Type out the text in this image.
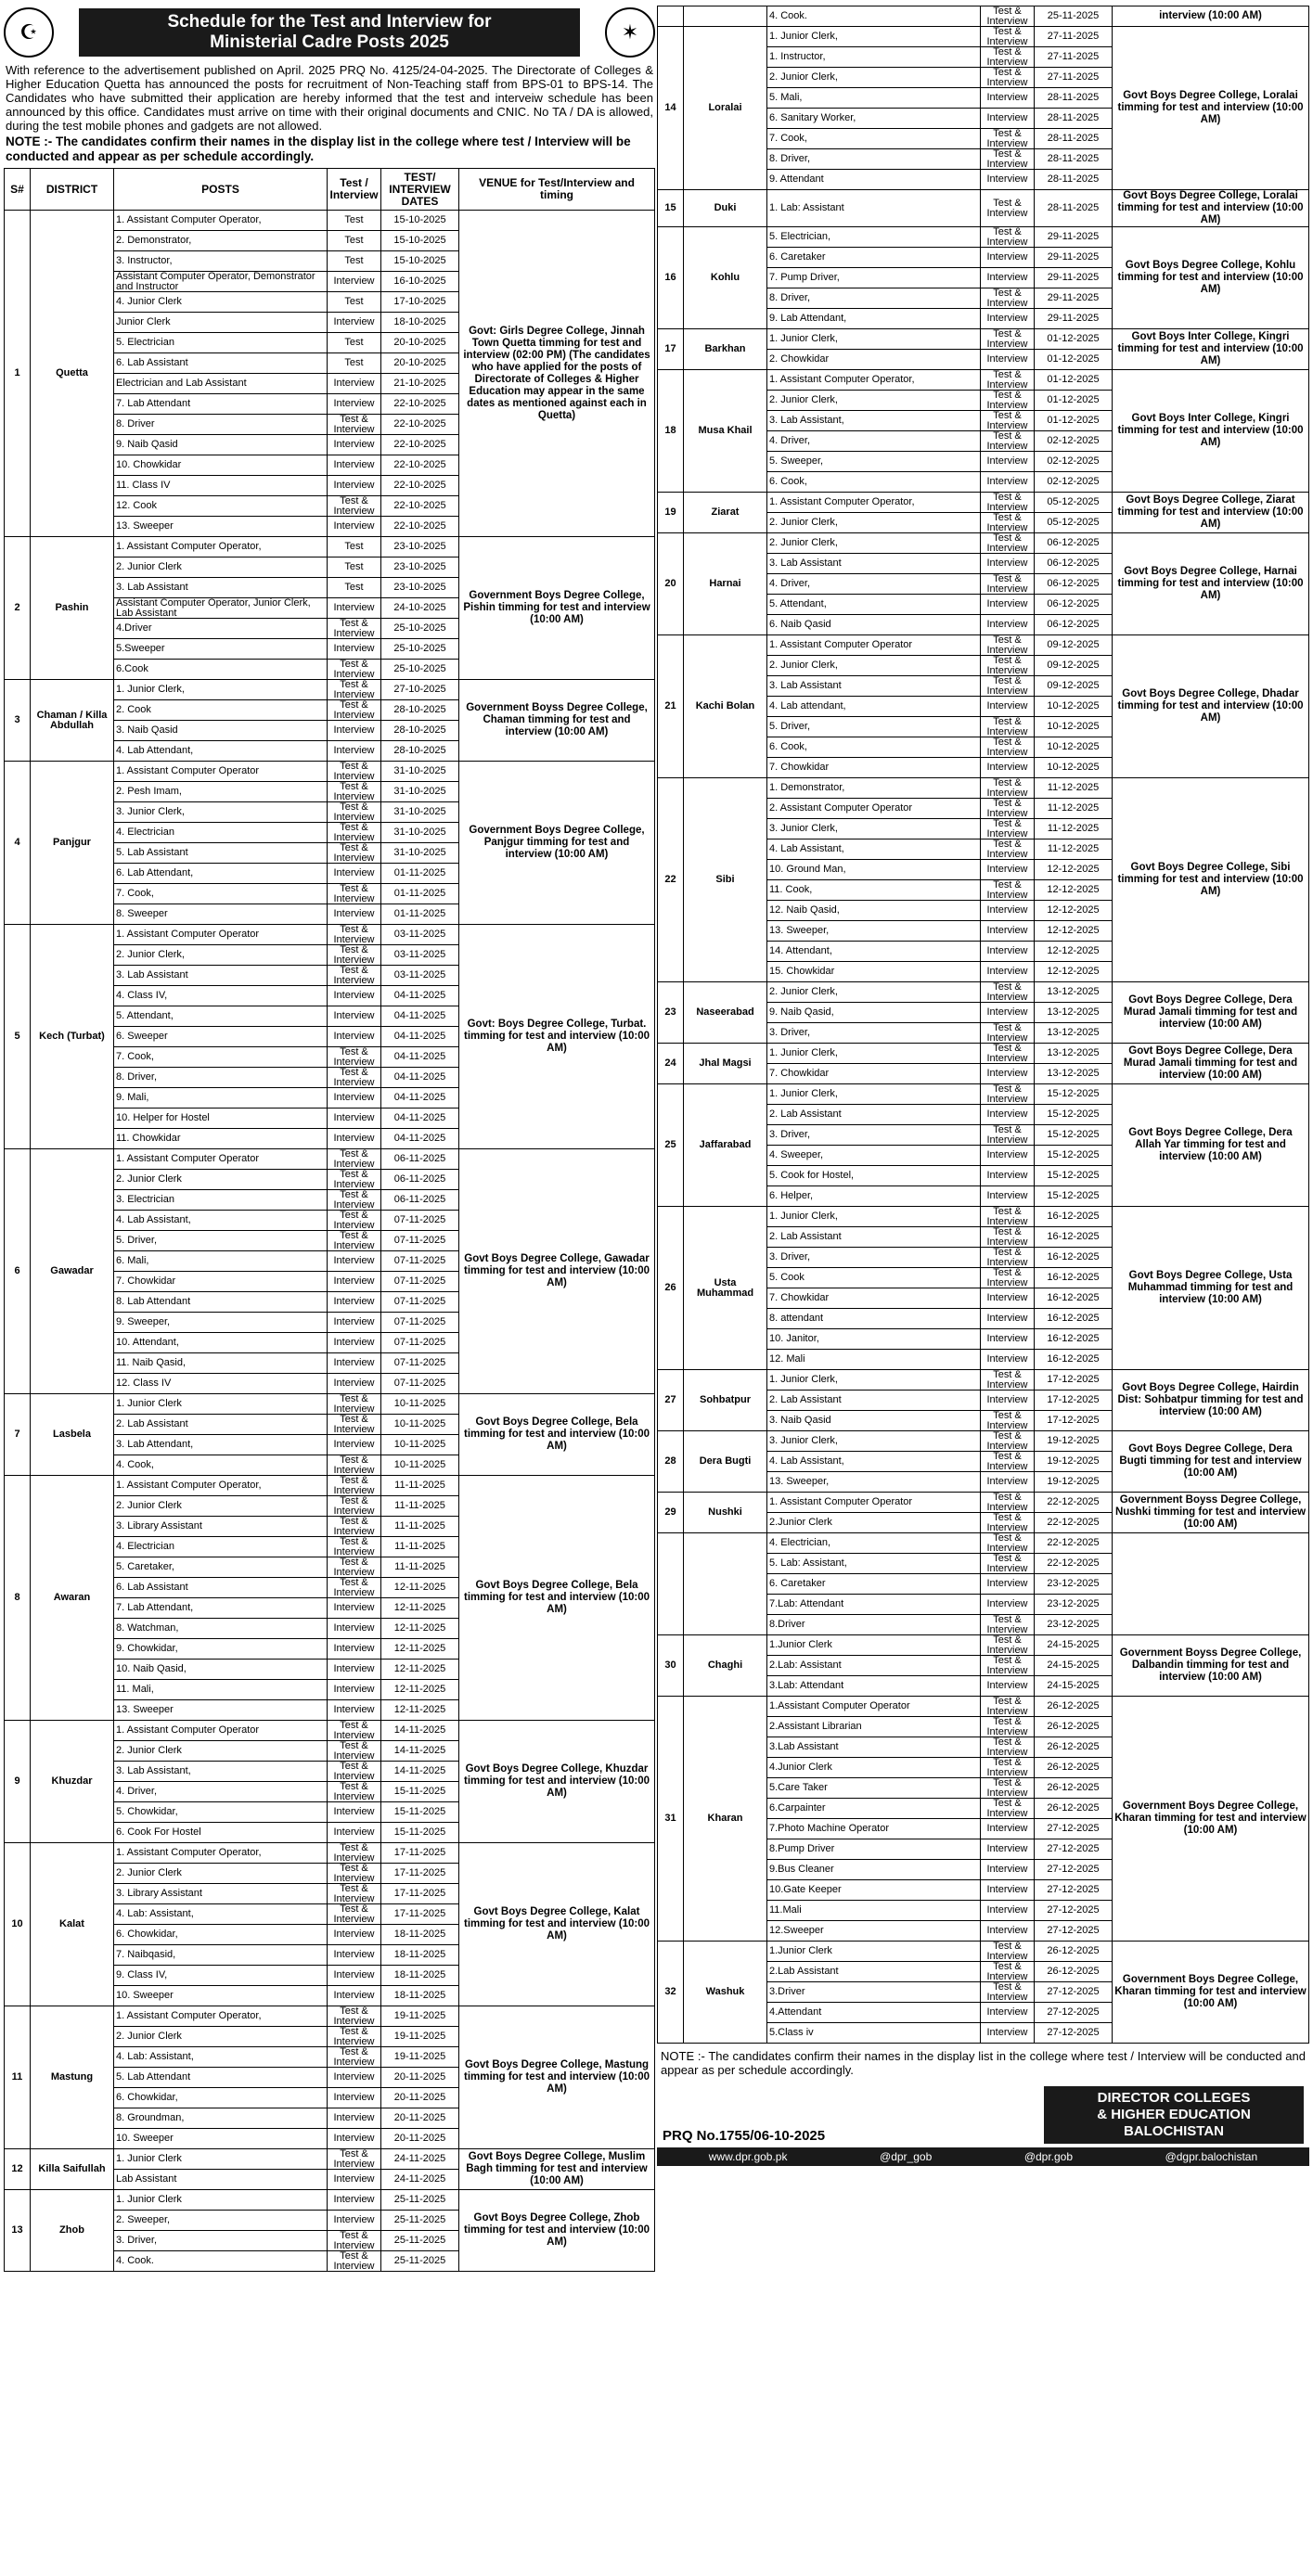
☪	Schedule for the Test and Interview for
Ministerial Cadre Posts 2025	✶
With reference to the advertisement published on April. 2025 PRQ No. 4125/24-04-2025. The Directorate of Colleges & Higher Education Quetta has announced the posts for recruitment of Non-Teaching staff from BPS-01 to BPS-14. The Candidates who have submitted their application are hereby informed that the test and interveiw schedule has been announced by this office. Candidates must arrive on time with their original documents and CNIC. No TA / DA is allowed, during the test mobile phones and gadgets are not allowed.
NOTE :- The candidates confirm their names in the display list in the college where test / Interview will be conducted and appear as per schedule accordingly.
S#	DISTRICT	POSTS	Test / Interview	TEST/ INTERVIEW DATES	VENUE for Test/Interview and timing
1	Quetta	1. Assistant Computer Operator,	Test	15-10-2025	Govt: Girls Degree College, Jinnah Town Quetta timming for test and interview (02:00 PM) (The candidates who have applied for the posts of Directorate of Colleges & Higher Education may appear in the same dates as mentioned against each in Quetta)
		2. Demonstrator,	Test	15-10-2025	
		3. Instructor,	Test	15-10-2025	
		Assistant Computer Operator, Demonstrator and Instructor	Interview	16-10-2025	
		4. Junior Clerk	Test	17-10-2025	
		Junior Clerk	Interview	18-10-2025	
		5. Electrician	Test	20-10-2025	
		6. Lab Assistant	Test	20-10-2025	
		Electrician and Lab Assistant	Interview	21-10-2025	
		7. Lab Attendant	Interview	22-10-2025	
		8. Driver	Test & Interview	22-10-2025	
		9. Naib Qasid	Interview	22-10-2025	
		10. Chowkidar	Interview	22-10-2025	
		11. Class IV	Interview	22-10-2025	
		12. Cook	Test & Interview	22-10-2025	
		13. Sweeper	Interview	22-10-2025	
2	Pashin	1. Assistant Computer Operator,	Test	23-10-2025	Government Boys Degree College, Pishin timming for test and interview (10:00 AM)
		2. Junior Clerk	Test	23-10-2025	
		3. Lab Assistant	Test	23-10-2025	
		Assistant Computer Operator, Junior Clerk, Lab Assistant	Interview	24-10-2025	
		4.Driver	Test & Interview	25-10-2025	
		5.Sweeper	Interview	25-10-2025	
		6.Cook	Test & Interview	25-10-2025	
3	Chaman / Killa Abdullah	1. Junior Clerk,	Test & Interview	27-10-2025	Government Boyss Degree College, Chaman timming for test and interview (10:00 AM)
		2. Cook	Test & Interview	28-10-2025	
		3. Naib Qasid	Interview	28-10-2025	
		4. Lab Attendant,	Interview	28-10-2025	
4	Panjgur	1. Assistant Computer Operator	Test & Interview	31-10-2025	Government Boys Degree College, Panjgur timming for test and interview (10:00 AM)
		2. Pesh Imam,	Test & Interview	31-10-2025	
		3. Junior Clerk,	Test & Interview	31-10-2025	
		4. Electrician	Test & Interview	31-10-2025	
		5. Lab Assistant	Test & Interview	31-10-2025	
		6. Lab Attendant,	Interview	01-11-2025	
		7. Cook,	Test & Interview	01-11-2025	
		8. Sweeper	Interview	01-11-2025	
5	Kech (Turbat)	1. Assistant Computer Operator	Test & Interview	03-11-2025	Govt: Boys Degree College, Turbat. timming for test and interview (10:00 AM)
		2. Junior Clerk,	Test & Interview	03-11-2025	
		3. Lab Assistant	Test & Interview	03-11-2025	
		4. Class IV,	Interview	04-11-2025	
		5. Attendant,	Interview	04-11-2025	
		6. Sweeper	Interview	04-11-2025	
		7. Cook,	Test & Interview	04-11-2025	
		8. Driver,	Test & Interview	04-11-2025	
		9. Mali,	Interview	04-11-2025	
		10. Helper for Hostel	Interview	04-11-2025	
		11. Chowkidar	Interview	04-11-2025	
6	Gawadar	1. Assistant Computer Operator	Test & Interview	06-11-2025	Govt Boys Degree College, Gawadar timming for test and interview (10:00 AM)
		2. Junior Clerk	Test & Interview	06-11-2025	
		3. Electrician	Test & Interview	06-11-2025	
		4. Lab Assistant,	Test & Interview	07-11-2025	
		5. Driver,	Test & Interview	07-11-2025	
		6. Mali,	Interview	07-11-2025	
		7. Chowkidar	Interview	07-11-2025	
		8. Lab Attendant	Interview	07-11-2025	
		9. Sweeper,	Interview	07-11-2025	
		10. Attendant,	Interview	07-11-2025	
		11. Naib Qasid,	Interview	07-11-2025	
		12. Class IV	Interview	07-11-2025	
7	Lasbela	1. Junior Clerk	Test & Interview	10-11-2025	Govt Boys Degree College, Bela timming for test and interview (10:00 AM)
		2. Lab Assistant	Test & Interview	10-11-2025	
		3. Lab Attendant,	Interview	10-11-2025	
		4. Cook,	Test & Interview	10-11-2025	
8	Awaran	1. Assistant Computer Operator,	Test & Interview	11-11-2025	Govt Boys Degree College, Bela timming for test and interview (10:00 AM)
		2. Junior Clerk	Test & Interview	11-11-2025	
		3. Library Assistant	Test & Interview	11-11-2025	
		4. Electrician	Test & Interview	11-11-2025	
		5. Caretaker,	Test & Interview	11-11-2025	
		6. Lab Assistant	Test & Interview	12-11-2025	
		7. Lab Attendant,	Interview	12-11-2025	
		8. Watchman,	Interview	12-11-2025	
		9. Chowkidar,	Interview	12-11-2025	
		10. Naib Qasid,	Interview	12-11-2025	
		11. Mali,	Interview	12-11-2025	
		13. Sweeper	Interview	12-11-2025	
9	Khuzdar	1. Assistant Computer Operator	Test & Interview	14-11-2025	Govt Boys Degree College, Khuzdar timming for test and interview (10:00 AM)
		2. Junior Clerk	Test & Interview	14-11-2025	
		3. Lab Assistant,	Test & Interview	14-11-2025	
		4. Driver,	Test & Interview	15-11-2025	
		5. Chowkidar,	Interview	15-11-2025	
		6. Cook For Hostel	Interview	15-11-2025	
10	Kalat	1. Assistant Computer Operator,	Test & Interview	17-11-2025	Govt Boys Degree College, Kalat timming for test and interview (10:00 AM)
		2. Junior Clerk	Test & Interview	17-11-2025	
		3. Library Assistant	Test & Interview	17-11-2025	
		4. Lab: Assistant,	Test & Interview	17-11-2025	
		6. Chowkidar,	Interview	18-11-2025	
		7. Naibqasid,	Interview	18-11-2025	
		9. Class IV,	Interview	18-11-2025	
		10. Sweeper	Interview	18-11-2025	
11	Mastung	1. Assistant Computer Operator,	Test & Interview	19-11-2025	Govt Boys Degree College, Mastung timming for test and interview (10:00 AM)
		2. Junior Clerk	Test & Interview	19-11-2025	
		4. Lab: Assistant,	Test & Interview	19-11-2025	
		5. Lab Attendant	Interview	20-11-2025	
		6. Chowkidar,	Interview	20-11-2025	
		8. Groundman,	Interview	20-11-2025	
		10. Sweeper	Interview	20-11-2025	
12	Killa Saifullah	1. Junior Clerk	Test & Interview	24-11-2025	Govt Boys Degree College, Muslim Bagh timming for test and interview (10:00 AM)
		Lab Assistant	Interview	24-11-2025	
13	Zhob	1. Junior Clerk	Interview	25-11-2025	Govt Boys Degree College, Zhob timming for test and interview (10:00 AM)
		2. Sweeper,	Interview	25-11-2025	
		3. Driver,	Test & Interview	25-11-2025	
		4. Cook.	Test & Interview	25-11-2025	
		4. Cook.	Test & Interview	25-11-2025	interview (10:00 AM)
14	Loralai	1. Junior Clerk,	Test & Interview	27-11-2025	Govt Boys Degree College, Loralai timming for test and interview (10:00 AM)
		1. Instructor,	Test & Interview	27-11-2025	
		2. Junior Clerk,	Test & Interview	27-11-2025	
		5. Mali,	Interview	28-11-2025	
		6. Sanitary Worker,	Interview	28-11-2025	
		7. Cook,	Test & Interview	28-11-2025	
		8. Driver,	Test & Interview	28-11-2025	
		9. Attendant	Interview	28-11-2025	
15	Duki	1. Lab: Assistant	Test & Interview	28-11-2025	Govt Boys Degree College, Loralai timming for test and interview (10:00 AM)
16	Kohlu	5. Electrician,	Test & Interview	29-11-2025	Govt Boys Degree College, Kohlu timming for test and interview (10:00 AM)
		6. Caretaker	Interview	29-11-2025	
		7. Pump Driver,	Interview	29-11-2025	
		8. Driver,	Test & Interview	29-11-2025	
		9. Lab Attendant,	Interview	29-11-2025	
17	Barkhan	1. Junior Clerk,	Test & Interview	01-12-2025	Govt Boys Inter College, Kingri timming for test and interview (10:00 AM)
		2. Chowkidar	Interview	01-12-2025	
18	Musa Khail	1. Assistant Computer Operator,	Test & Interview	01-12-2025	Govt Boys Inter College, Kingri timming for test and interview (10:00 AM)
		2. Junior Clerk,	Test & Interview	01-12-2025	
		3. Lab Assistant,	Test & Interview	01-12-2025	
		4. Driver,	Test & Interview	02-12-2025	
		5. Sweeper,	Interview	02-12-2025	
		6. Cook,	Interview	02-12-2025	
19	Ziarat	1. Assistant Computer Operator,	Test & Interview	05-12-2025	Govt Boys Degree College, Ziarat timming for test and interview (10:00 AM)
		2. Junior Clerk,	Test & Interview	05-12-2025	
20	Harnai	2. Junior Clerk,	Test & Interview	06-12-2025	Govt Boys Degree College, Harnai timming for test and interview (10:00 AM)
		3. Lab Assistant	Interview	06-12-2025	
		4. Driver,	Test & Interview	06-12-2025	
		5. Attendant,	Interview	06-12-2025	
		6. Naib Qasid	Interview	06-12-2025	
21	Kachi Bolan	1. Assistant Computer Operator	Test & Interview	09-12-2025	Govt Boys Degree College, Dhadar timming for test and interview (10:00 AM)
		2. Junior Clerk,	Test & Interview	09-12-2025	
		3. Lab Assistant	Test & Interview	09-12-2025	
		4. Lab attendant,	Interview	10-12-2025	
		5. Driver,	Test & Interview	10-12-2025	
		6. Cook,	Test & Interview	10-12-2025	
		7. Chowkidar	Interview	10-12-2025	
22	Sibi	1. Demonstrator,	Test & Interview	11-12-2025	Govt Boys Degree College, Sibi timming for test and interview (10:00 AM)
		2. Assistant Computer Operator	Test & Interview	11-12-2025	
		3. Junior Clerk,	Test & Interview	11-12-2025	
		4. Lab Assistant,	Test & Interview	11-12-2025	
		10. Ground Man,	Interview	12-12-2025	
		11. Cook,	Test & Interview	12-12-2025	
		12. Naib Qasid,	Interview	12-12-2025	
		13. Sweeper,	Interview	12-12-2025	
		14. Attendant,	Interview	12-12-2025	
		15. Chowkidar	Interview	12-12-2025	
23	Naseerabad	2. Junior Clerk,	Test & Interview	13-12-2025	Govt Boys Degree College, Dera Murad Jamali timming for test and interview (10:00 AM)
		9. Naib Qasid,	Interview	13-12-2025	
		3. Driver,	Test & Interview	13-12-2025	
24	Jhal Magsi	1. Junior Clerk,	Test & Interview	13-12-2025	Govt Boys Degree College, Dera Murad Jamali timming for test and interview (10:00 AM)
		7. Chowkidar	Interview	13-12-2025	
25	Jaffarabad	1. Junior Clerk,	Test & Interview	15-12-2025	Govt Boys Degree College, Dera Allah Yar timming for test and interview (10:00 AM)
		2. Lab Assistant	Interview	15-12-2025	
		3. Driver,	Test & Interview	15-12-2025	
		4. Sweeper,	Interview	15-12-2025	
		5. Cook for Hostel,	Interview	15-12-2025	
		6. Helper,	Interview	15-12-2025	
26	Usta Muhammad	1. Junior Clerk,	Test & Interview	16-12-2025	Govt Boys Degree College, Usta Muhammad timming for test and interview (10:00 AM)
		2. Lab Assistant	Test & Interview	16-12-2025	
		3. Driver,	Test & Interview	16-12-2025	
		5. Cook	Test & Interview	16-12-2025	
		7. Chowkidar	Interview	16-12-2025	
		8. attendant	Interview	16-12-2025	
		10. Janitor,	Interview	16-12-2025	
		12. Mali	Interview	16-12-2025	
27	Sohbatpur	1. Junior Clerk,	Test & Interview	17-12-2025	Govt Boys Degree College, Hairdin Dist: Sohbatpur timming for test and interview (10:00 AM)
		2. Lab Assistant	Interview	17-12-2025	
		3. Naib Qasid	Test & Interview	17-12-2025	
28	Dera Bugti	3. Junior Clerk,	Test & Interview	19-12-2025	Govt Boys Degree College, Dera Bugti timming for test and interview (10:00 AM)
		4. Lab Assistant,	Test & Interview	19-12-2025	
		13. Sweeper,	Interview	19-12-2025	
29	Nushki	1. Assistant Computer Operator	Test & Interview	22-12-2025	Government Boyss Degree College, Nushki timming for test and interview (10:00 AM)
		2.Junior Clerk	Test & Interview	22-12-2025	
		4. Electrician,	Test & Interview	22-12-2025	
		5. Lab: Assistant,	Test & Interview	22-12-2025	
		6. Caretaker	Interview	23-12-2025	
		7.Lab: Attendant	Interview	23-12-2025	
		8.Driver	Test & Interview	23-12-2025	
30	Chaghi	1.Junior Clerk	Test & Interview	24-15-2025	Government Boyss Degree College, Dalbandin timming for test and interview (10:00 AM)
		2.Lab: Assistant	Test & Interview	24-15-2025	
		3.Lab: Attendant	Interview	24-15-2025	
31	Kharan	1.Assistant Computer Operator	Test & Interview	26-12-2025	Government Boys Degree College, Kharan timming for test and interview (10:00 AM)
		2.Assistant Librarian	Test & Interview	26-12-2025	
		3.Lab Assistant	Test & Interview	26-12-2025	
		4.Junior Clerk	Test & Interview	26-12-2025	
		5.Care Taker	Test & Interview	26-12-2025	
		6.Carpainter	Test & Interview	26-12-2025	
		7.Photo Machine Operator	Interview	27-12-2025	
		8.Pump Driver	Interview	27-12-2025	
		9.Bus Cleaner	Interview	27-12-2025	
		10.Gate Keeper	Interview	27-12-2025	
		11.Mali	Interview	27-12-2025	
		12.Sweeper	Interview	27-12-2025	
32	Washuk	1.Junior Clerk	Test & Interview	26-12-2025	Government Boys Degree College, Kharan timming for test and interview (10:00 AM)
		2.Lab Assistant	Test & Interview	26-12-2025	
		3.Driver	Test & Interview	27-12-2025	
		4.Attendant	Interview	27-12-2025	
		5.Class iv	Interview	27-12-2025	
NOTE :- The candidates confirm their names in the display list in the college where test / Interview will be conducted and appear as per schedule accordingly.
PRQ No.1755/06-10-2025
DIRECTOR COLLEGES
& HIGHER EDUCATION BALOCHISTAN
www.dpr.gob.pk	@dpr_gob	@dpr.gob	@dgpr.balochistan
